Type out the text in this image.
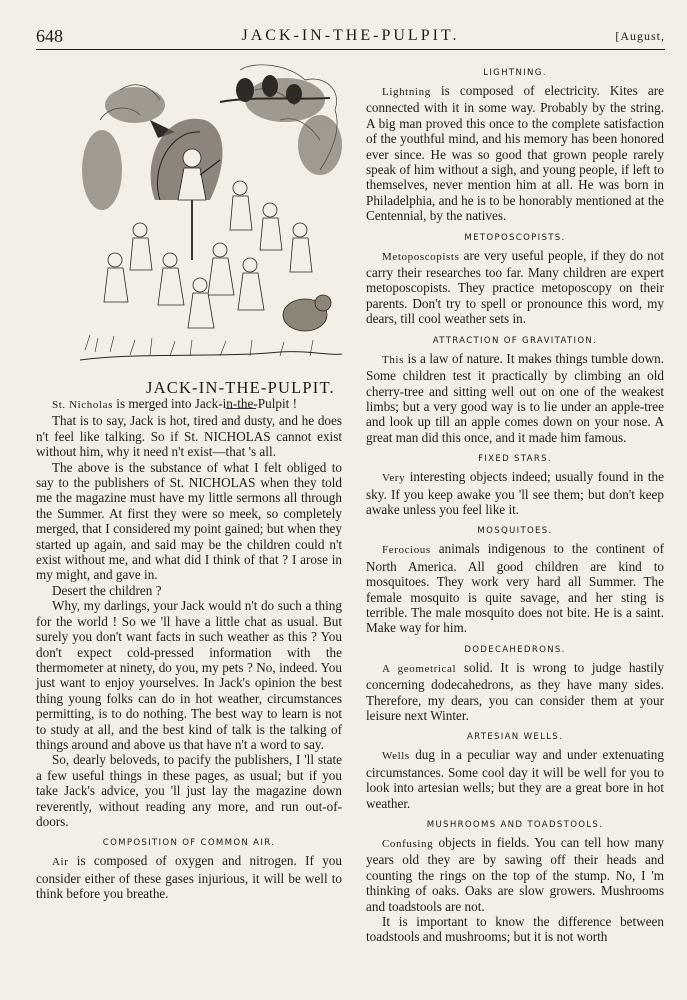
648	JACK-IN-THE-PULPIT.	[August,
JACK-IN-THE-PULPIT.

St. Nicholas is merged into Jack-in-the-Pulpit !

That is to say, Jack is hot, tired and dusty, and he does n't feel like talking. So if St. NICHOLAS cannot exist without him, why it need n't exist—that 's all.

The above is the substance of what I felt obliged to say to the publishers of St. NICHOLAS when they told me the magazine must have my little sermons all through the Summer. At first they were so meek, so completely merged, that I considered my point gained; but when they started up again, and said may be the children could n't exist without me, and what did I think of that ? I arose in my might, and gave in.

Desert the children ?

Why, my darlings, your Jack would n't do such a thing for the world ! So we 'll have a little chat as usual. But surely you don't want facts in such weather as this ? You don't expect cold-pressed information with the thermometer at ninety, do you, my pets ? No, indeed. You just want to enjoy yourselves. In Jack's opinion the best thing young folks can do in hot weather, circumstances permitting, is to do nothing. The best way to learn is not to study at all, and the best kind of talk is the talking of things around and above us that have n't a word to say.

So, dearly beloveds, to pacify the publishers, I 'll state a few useful things in these pages, as usual; but if you take Jack's advice, you 'll just lay the magazine down reverently, without reading any more, and run out-of-doors.

COMPOSITION OF COMMON AIR.

Air is composed of oxygen and nitrogen. If you consider either of these gases injurious, it will be well to think before you breathe.

LIGHTNING.

Lightning is composed of electricity. Kites are connected with it in some way. Probably by the string. A big man proved this once to the complete satisfaction of the youthful mind, and his memory has been honored ever since. He was so good that grown people rarely speak of him without a sigh, and young people, if left to themselves, never mention him at all. He was born in Philadelphia, and he is to be honorably mentioned at the Centennial, by the natives.

METOPOSCOPISTS.

Metoposcopists are very useful people, if they do not carry their researches too far. Many children are expert metoposcopists. They practice metoposcopy on their parents. Don't try to spell or pronounce this word, my dears, till cool weather sets in.

ATTRACTION OF GRAVITATION.

This is a law of nature. It makes things tumble down. Some children test it practically by climbing an old cherry-tree and sitting well out on one of the weakest limbs; but a very good way is to lie under an apple-tree and look up till an apple comes down on your nose. A great man did this once, and it made him famous.

FIXED STARS.

Very interesting objects indeed; usually found in the sky. If you keep awake you 'll see them; but don't keep awake unless you feel like it.

MOSQUITOES.

Ferocious animals indigenous to the continent of North America. All good children are kind to mosquitoes. They work very hard all Summer. The female mosquito is quite savage, and her sting is terrible. The male mosquito does not bite. He is a saint. Make way for him.

DODECAHEDRONS.

A geometrical solid. It is wrong to judge hastily concerning dodecahedrons, as they have many sides. Therefore, my dears, you can consider them at your leisure next Winter.

ARTESIAN WELLS.

Wells dug in a peculiar way and under extenuating circumstances. Some cool day it will be well for you to look into artesian wells; but they are a great bore in hot weather.

MUSHROOMS AND TOADSTOOLS.

Confusing objects in fields. You can tell how many years old they are by sawing off their heads and counting the rings on the top of the stump. No, I 'm thinking of oaks. Oaks are slow growers. Mushrooms and toadstools are not.

It is important to know the difference between toadstools and mushrooms; but it is not worth
